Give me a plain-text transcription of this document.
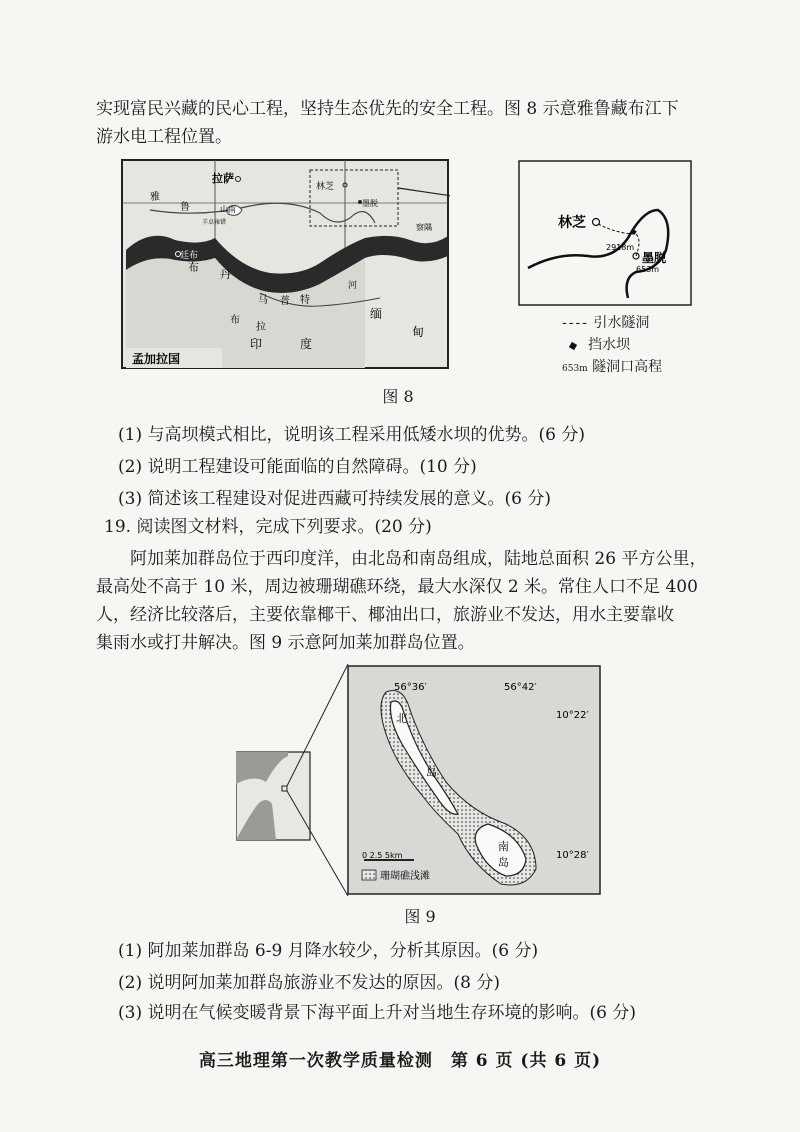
实现富民兴藏的民心工程，坚持生态优先的安全工程。图 8 示意雅鲁藏布江下
游水电工程位置。
拉萨
林芝
墨脱
雅
鲁	山南
羊卓雍错
廷布
布
丹
马 普 特
布
拉
印	度
缅
甸
河
察隅
孟加拉国
林芝
墨脱
2918m
653m
---- 引水隧洞
挡水坝
653m 隧洞口高程
图 8
(1) 与高坝模式相比，说明该工程采用低矮水坝的优势。(6 分)
(2) 说明工程建设可能面临的自然障碍。(10 分)
(3) 简述该工程建设对促进西藏可持续发展的意义。(6 分)
19. 阅读图文材料，完成下列要求。(20 分)
阿加莱加群岛位于西印度洋，由北岛和南岛组成，陆地总面积 26 平方公里，
最高处不高于 10 米，周边被珊瑚礁环绕，最大水深仅 2 米。常住人口不足 400
人，经济比较落后，主要依靠椰干、椰油出口，旅游业不发达，用水主要靠收
集雨水或打井解决。图 9 示意阿加莱加群岛位置。
56°36′	56°42′
10°22′
10°28′
北
岛
南
岛
0 2.5 5km
珊瑚礁浅滩
图 9
(1) 阿加莱加群岛 6-9 月降水较少，分析其原因。(6 分)
(2) 说明阿加莱加群岛旅游业不发达的原因。(8 分)
(3) 说明在气候变暖背景下海平面上升对当地生存环境的影响。(6 分)
高三地理第一次教学质量检测　第 6 页 (共 6 页)
